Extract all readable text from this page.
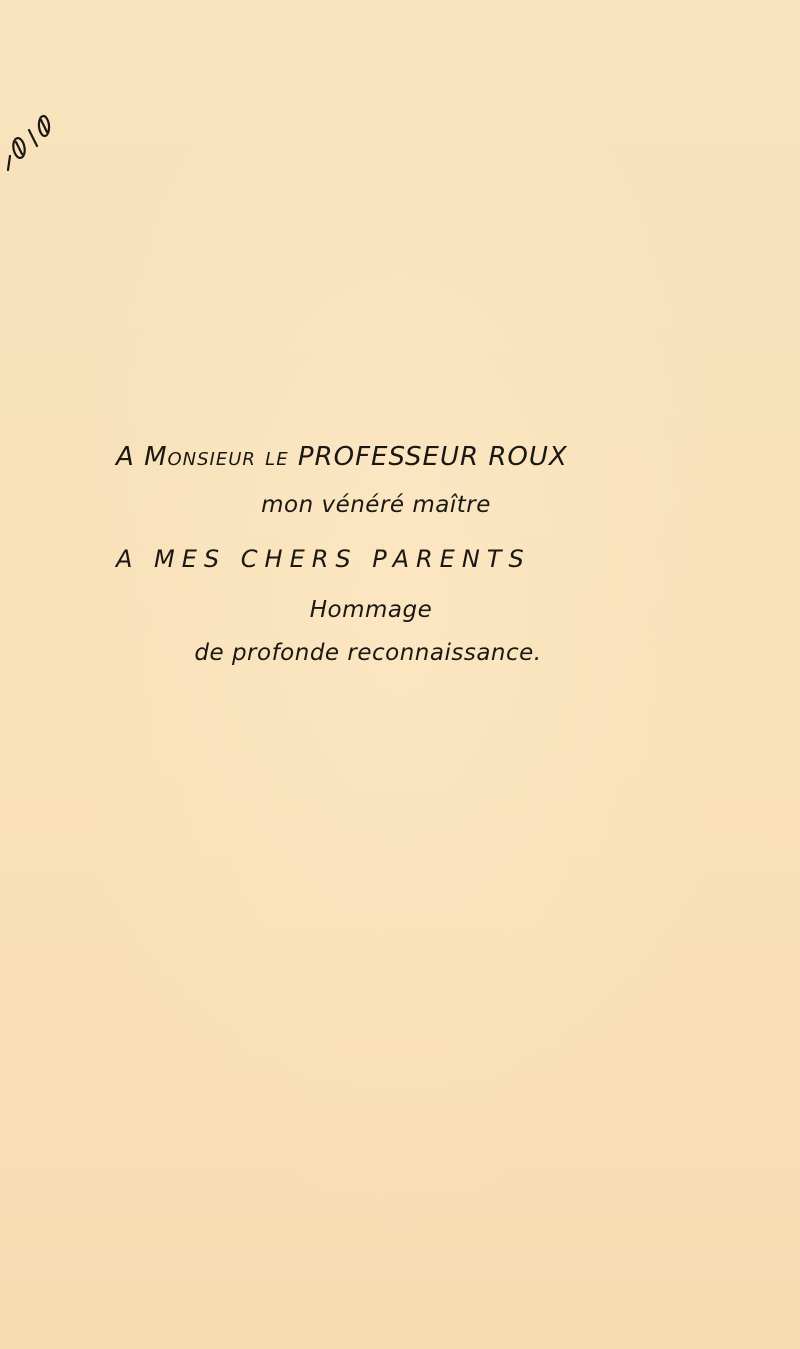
A Monsieur le PROFESSEUR ROUX
mon vénéré maître
A MES CHERS PARENTS
Hommage
de profonde reconnaissance.
